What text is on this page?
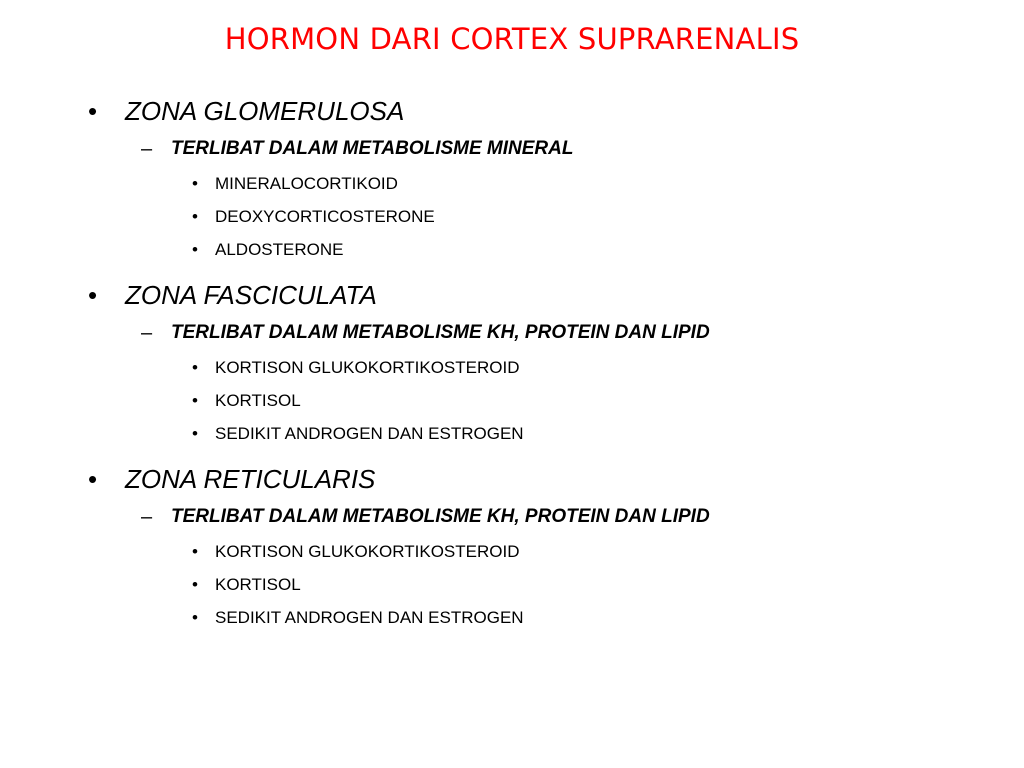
HORMON DARI CORTEX SUPRARENALIS
• ZONA GLOMERULOSA
– TERLIBAT DALAM METABOLISME MINERAL
• MINERALOCORTIKOID
• DEOXYCORTICOSTERONE
• ALDOSTERONE
• ZONA FASCICULATA
– TERLIBAT DALAM METABOLISME KH, PROTEIN DAN LIPID
• KORTISON GLUKOKORTIKOSTEROID
• KORTISOL
• SEDIKIT ANDROGEN DAN ESTROGEN
• ZONA RETICULARIS
– TERLIBAT DALAM METABOLISME KH, PROTEIN DAN LIPID
• KORTISON GLUKOKORTIKOSTEROID
• KORTISOL
• SEDIKIT ANDROGEN DAN ESTROGEN
